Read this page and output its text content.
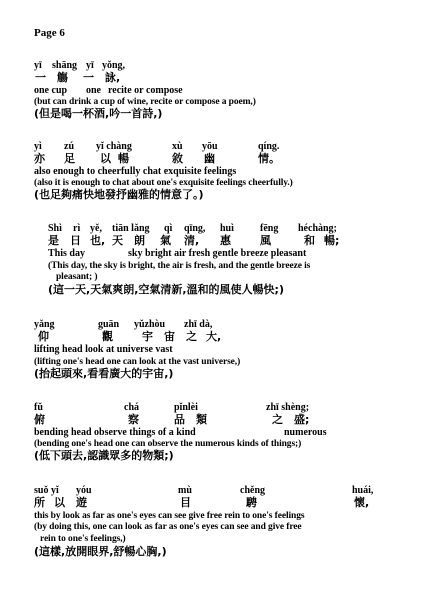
Page 6
yī shāng yī yǒng,
一 觴 一 詠,
one cup one recite or compose
(but can drink a cup of wine, recite or compose a poem,)
(但是喝一杯酒,吟一首詩,)
yì zú yǐ chàng	xù yōu	qíng.
亦 足 以 暢	敘 幽	情。
also enough to cheerfully chat exquisite feelings
(also it is enough to chat about one's exquisite feelings cheerfully.)
(也足夠痛快地發抒幽雅的情意了。)
Shì rì yě, tiān lǎng qì qīng, huì	fēng héchàng;
是 日 也, 天 朗 氣 清, 惠	風	和 暢;
This day	sky bright air fresh gentle breeze pleasant
(This day, the sky is bright, the air is fresh, and the gentle breeze is
pleasant; )
(這一天,天氣爽朗,空氣清新,溫和的風使人暢快;)
yǎng	guān yǔzhòu zhī dà,
仰	觀	宇 宙 之 大,
lifting head look at universe vast
(lifting one's head one can look at the vast universe,)
(抬起頭來,看看廣大的宇宙,)
fǔ	chá	pǐnlèi	zhī shèng;
俯	察	品 類	之 盛;
bending head observe things of a kind	numerous
(bending one's head one can observe the numerous kinds of things;)
(低下頭去,認識眾多的物類;)
suǒ yǐ yóu	mù	chěng	huái,
所 以 遊	目	騁	懷,
this by look as far as one's eyes can see give free rein to one's feelings
(by doing this, one can look as far as one's eyes can see and give free
rein to one's feelings,)
(這樣,放開眼界,舒暢心胸,)
